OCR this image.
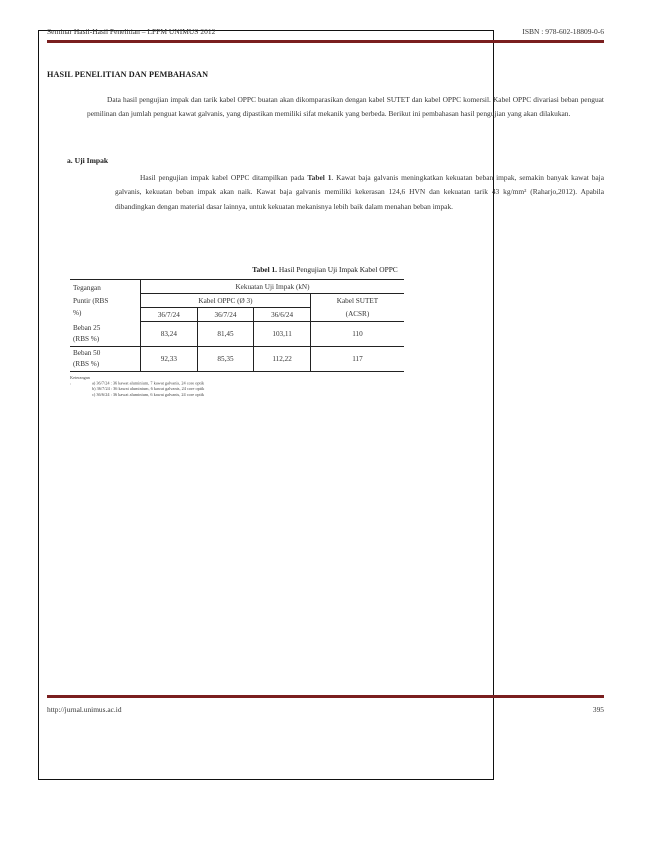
Seminar Hasil-Hasil Penelitian – LPPM UNIMUS 2012	ISBN : 978-602-18809-0-6
HASIL PENELITIAN DAN PEMBAHASAN
Data hasil pengujian impak dan tarik kabel OPPC buatan akan dikomparasikan dengan kabel SUTET dan kabel OPPC komersil. Kabel OPPC divariasi beban penguat pemilinan dan jumlah penguat kawat galvanis, yang dipastikan memiliki sifat mekanik yang berbeda. Berikut ini pembahasan hasil pengujian yang akan dilakukan.
a. Uji Impak
Hasil pengujian impak kabel OPPC ditampilkan pada Tabel 1. Kawat baja galvanis meningkatkan kekuatan beban impak, semakin banyak kawat baja galvanis, kekuatan beban impak akan naik. Kawat baja galvanis memiliki kekerasan 124,6 HVN dan kekuatan tarik 43 kg/mm² (Raharjo,2012). Apabila dibandingkan dengan material dasar lainnya, untuk kekuatan mekanisnya lebih baik dalam menahan beban impak.
Tabel 1. Hasil Pengujian Uji Impak Kabel OPPC
Tegangan
Puntir (RBS
%)	Kekuatan Uji Impak (kN)			
	Kabel OPPC (Ø 3)			Kabel SUTET
	36/7/24	36/7/24	36/6/24	(ACSR)

Beban 25
(RBS %)	83,24	81,45	103,11	110

Beban 50
(RBS %)	92,33	85,35	112,22	117
Keterangan :	a) 36/7/24 : 36 kawat aluminium, 7 kawat galvanis, 24 core optik
b) 36/7/24 : 36 kawat aluminium, 6 kawat galvanis, 24 core optik
c) 36/6/24 : 36 kawat aluminium, 6 kawat galvanis, 24 core optik
http://jurnal.unimus.ac.id	395
